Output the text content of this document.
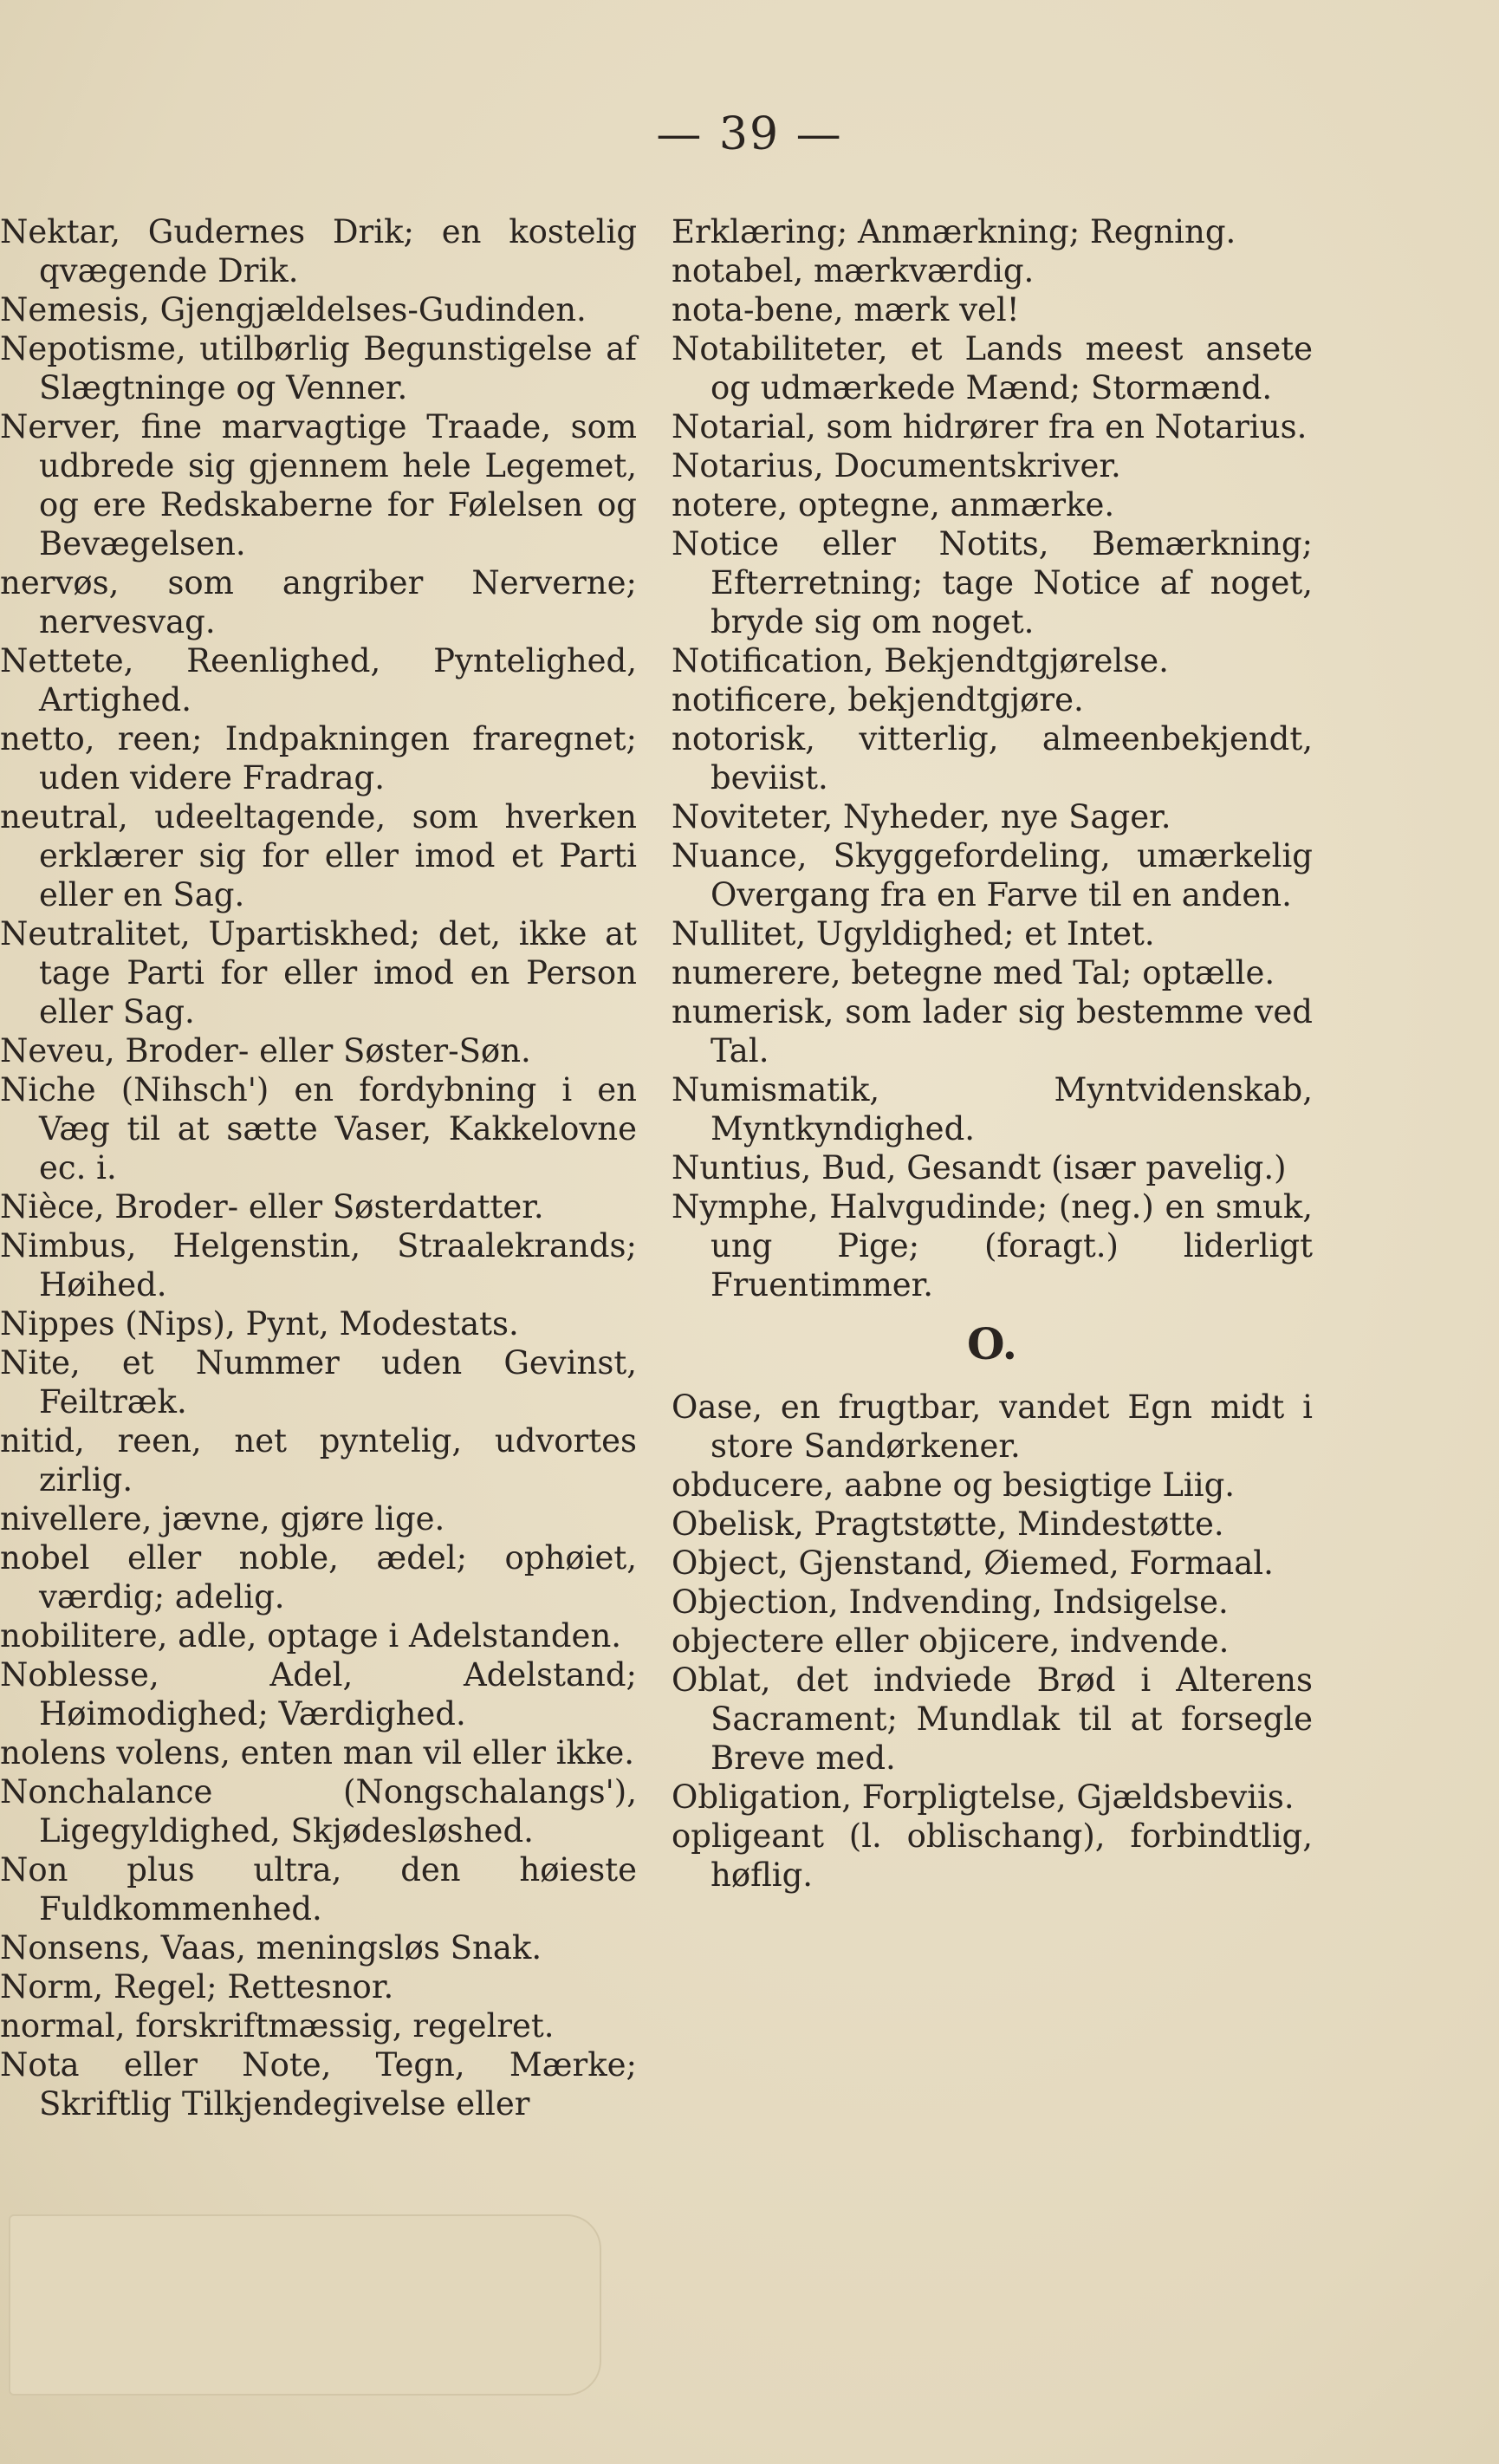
— 39 —

Nektar, Gudernes Drik; en kostelig qvægende Drik.

Nemesis, Gjengjældelses-Gudinden.

Nepotisme, utilbørlig Begunstigelse af Slægtninge og Venner.

Nerver, fine marvagtige Traade, som udbrede sig gjennem hele Legemet, og ere Redskaberne for Følelsen og Bevægelsen.

nervøs, som angriber Nerverne; nervesvag.

Nettete, Reenlighed, Pyntelighed, Artighed.

netto, reen; Indpakningen fraregnet; uden videre Fradrag.

neutral, udeeltagende, som hverken erklærer sig for eller imod et Parti eller en Sag.

Neutralitet, Upartiskhed; det, ikke at tage Parti for eller imod en Person eller Sag.

Neveu, Broder- eller Søster-Søn.

Niche (Nihsch') en fordybning i en Væg til at sætte Vaser, Kakkelovne ec. i.

Nièce, Broder- eller Søsterdatter.

Nimbus, Helgenstin, Straalekrands; Høihed.

Nippes (Nips), Pynt, Modestats.

Nite, et Nummer uden Gevinst, Feiltræk.

nitid, reen, net pyntelig, udvortes zirlig.

nivellere, jævne, gjøre lige.

nobel eller noble, ædel; ophøiet, værdig; adelig.

nobilitere, adle, optage i Adelstanden.

Noblesse, Adel, Adelstand; Høimodighed; Værdighed.

nolens volens, enten man vil eller ikke.

Nonchalance (Nongschalangs'), Ligegyldighed, Skjødesløshed.

Non plus ultra, den høieste Fuldkommenhed.

Nonsens, Vaas, meningsløs Snak.

Norm, Regel; Rettesnor.

normal, forskriftmæssig, regelret.

Nota eller Note, Tegn, Mærke; Skriftlig Tilkjendegivelse eller

Erklæring; Anmærkning; Regning.

notabel, mærkværdig.

nota-bene, mærk vel!

Notabiliteter, et Lands meest ansete og udmærkede Mænd; Stormænd.

Notarial, som hidrører fra en Notarius.

Notarius, Documentskriver.

notere, optegne, anmærke.

Notice eller Notits, Bemærkning; Efterretning; tage Notice af noget, bryde sig om noget.

Notification, Bekjendtgjørelse.

notificere, bekjendtgjøre.

notorisk, vitterlig, almeenbekjendt, beviist.

Noviteter, Nyheder, nye Sager.

Nuance, Skyggefordeling, umærkelig Overgang fra en Farve til en anden.

Nullitet, Ugyldighed; et Intet.

numerere, betegne med Tal; optælle.

numerisk, som lader sig bestemme ved Tal.

Numismatik, Myntvidenskab, Myntkyndighed.

Nuntius, Bud, Gesandt (især pavelig.)

Nymphe, Halvgudinde; (neg.) en smuk, ung Pige; (foragt.) liderligt Fruentimmer.

O.

Oase, en frugtbar, vandet Egn midt i store Sandørkener.

obducere, aabne og besigtige Liig.

Obelisk, Pragtstøtte, Mindestøtte.

Object, Gjenstand, Øiemed, Formaal.

Objection, Indvending, Indsigelse.

objectere eller objicere, indvende.

Oblat, det indviede Brød i Alterens Sacrament; Mundlak til at forsegle Breve med.

Obligation, Forpligtelse, Gjældsbeviis.

opligeant (l. oblischang), forbindtlig, høflig.
